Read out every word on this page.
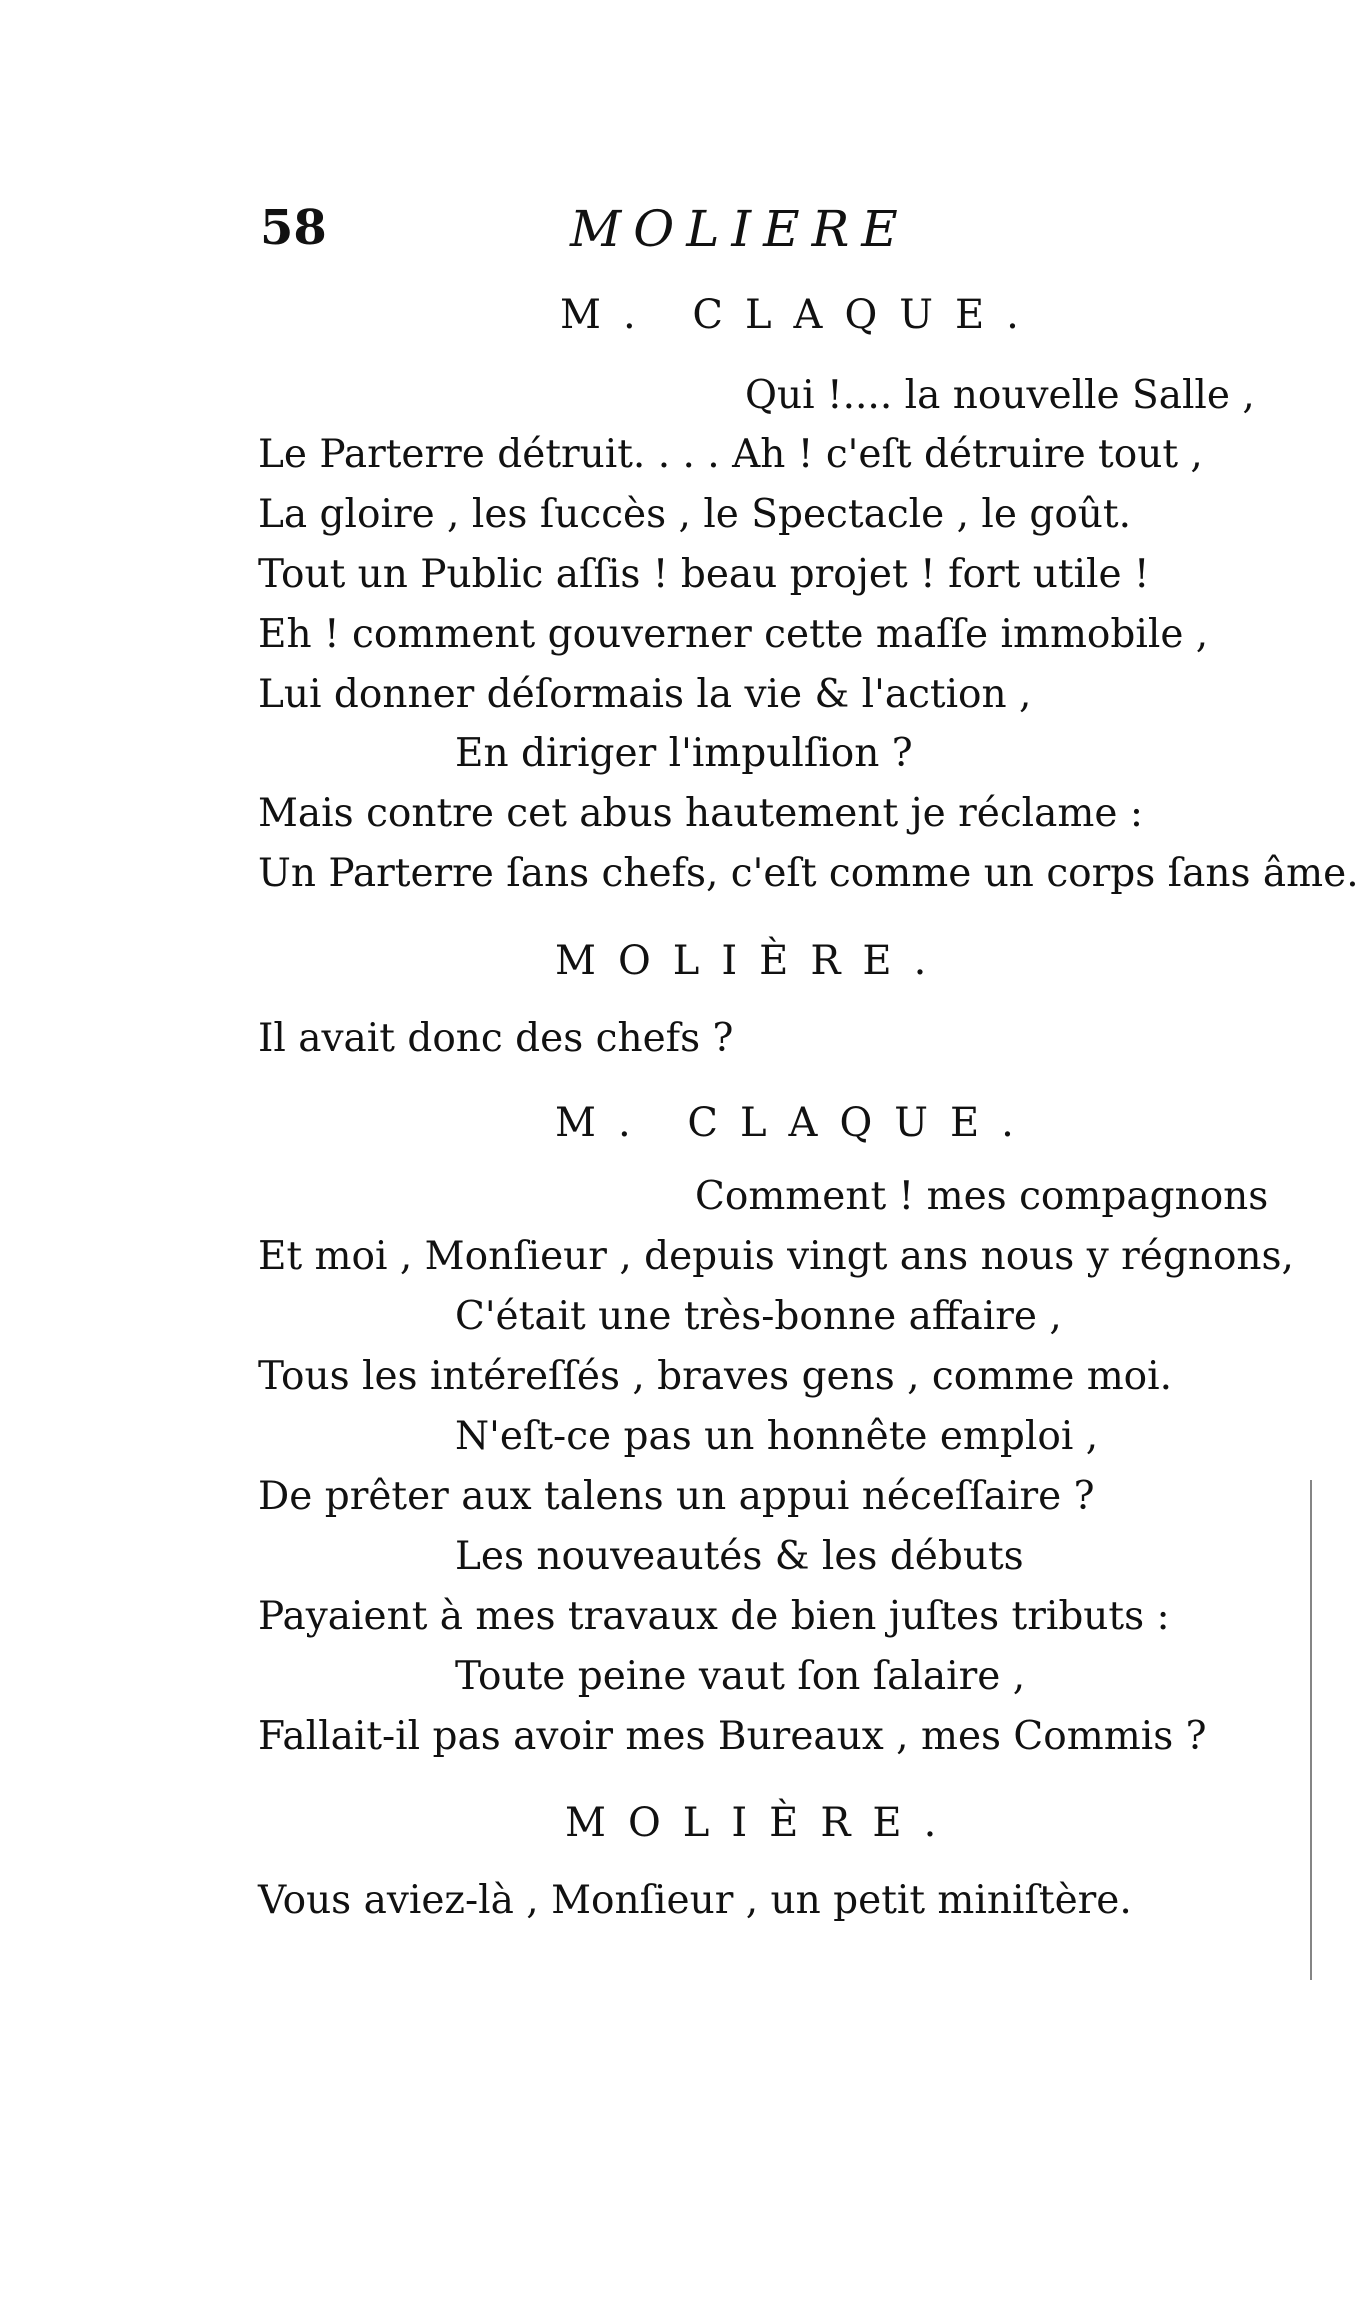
58	MOLIERE
M. CLAQUE.
Qui !.... la nouvelle Salle ,
Le Parterre détruit. . . . Ah ! c'eſt détruire tout ,
La gloire , les ſuccès , le Spectacle , le goût.
Tout un Public aſſis ! beau projet ! fort utile !
Eh ! comment gouverner cette maſſe immobile ,
Lui donner déſormais la vie & l'action ,
En diriger l'impulſion ?
Mais contre cet abus hautement je réclame :
Un Parterre ſans chefs, c'eſt comme un corps ſans âme.
MOLIÈRE.
Il avait donc des chefs ?
M. CLAQUE.
Comment ! mes compagnons
Et moi , Monſieur , depuis vingt ans nous y régnons,
C'était une très-bonne affaire ,
Tous les intéreſſés , braves gens , comme moi.
N'eſt-ce pas un honnête emploi ,
De prêter aux talens un appui néceſſaire ?
Les nouveautés & les débuts
Payaient à mes travaux de bien juſtes tributs :
Toute peine vaut ſon ſalaire ,
Fallait-il pas avoir mes Bureaux , mes Commis ?
MOLIÈRE.
Vous aviez-là , Monſieur , un petit miniſtère.
